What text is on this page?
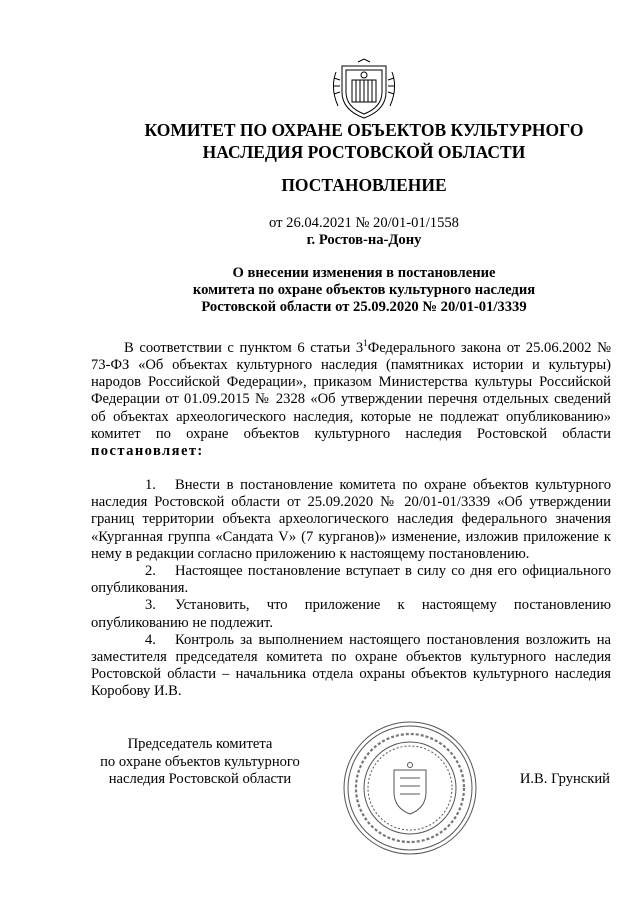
КОМИТЕТ ПО ОХРАНЕ ОБЪЕКТОВ КУЛЬТУРНОГО
НАСЛЕДИЯ РОСТОВСКОЙ ОБЛАСТИ
ПОСТАНОВЛЕНИЕ
от 26.04.2021 № 20/01-01/1558
г. Ростов-на-Дону
О внесении изменения в постановление
комитета по охране объектов культурного наследия
Ростовской области от 25.09.2020 № 20/01-01/3339
В соответствии с пунктом 6 статьи $3^1Федерального$ закона от 25.06.2002 № 73-ФЗ «Об объектах культурного наследия (памятниках истории и культуры) народов Российской Федерации», приказом Министерства культуры Российской Федерации от 01.09.2015 № 2328 «Об утверждении перечня отдельных сведений об объектах археологического наследия, которые не подлежат опубликованию» комитет по охране объектов культурного наследия Ростовской области постановляет:

1. Внести в постановление комитета по охране объектов культурного наследия Ростовской области от 25.09.2020 № 20/01-01/3339 «Об утверждении границ территории объекта археологического наследия федерального значения «Курганная группа «Сандата V» (7 курганов)» изменение, изложив приложение к нему в редакции согласно приложению к настоящему постановлению.

2. Настоящее постановление вступает в силу со дня его официального опубликования.

3. Установить, что приложение к настоящему постановлению опубликованию не подлежит.

4. Контроль за выполнением настоящего постановления возложить на заместителя председателя комитета по охране объектов культурного наследия Ростовской области – начальника отдела охраны объектов культурного наследия Коробову И.В.

Председатель комитета
по охране объектов культурного
наследия Ростовской области	И.В. Грунский
